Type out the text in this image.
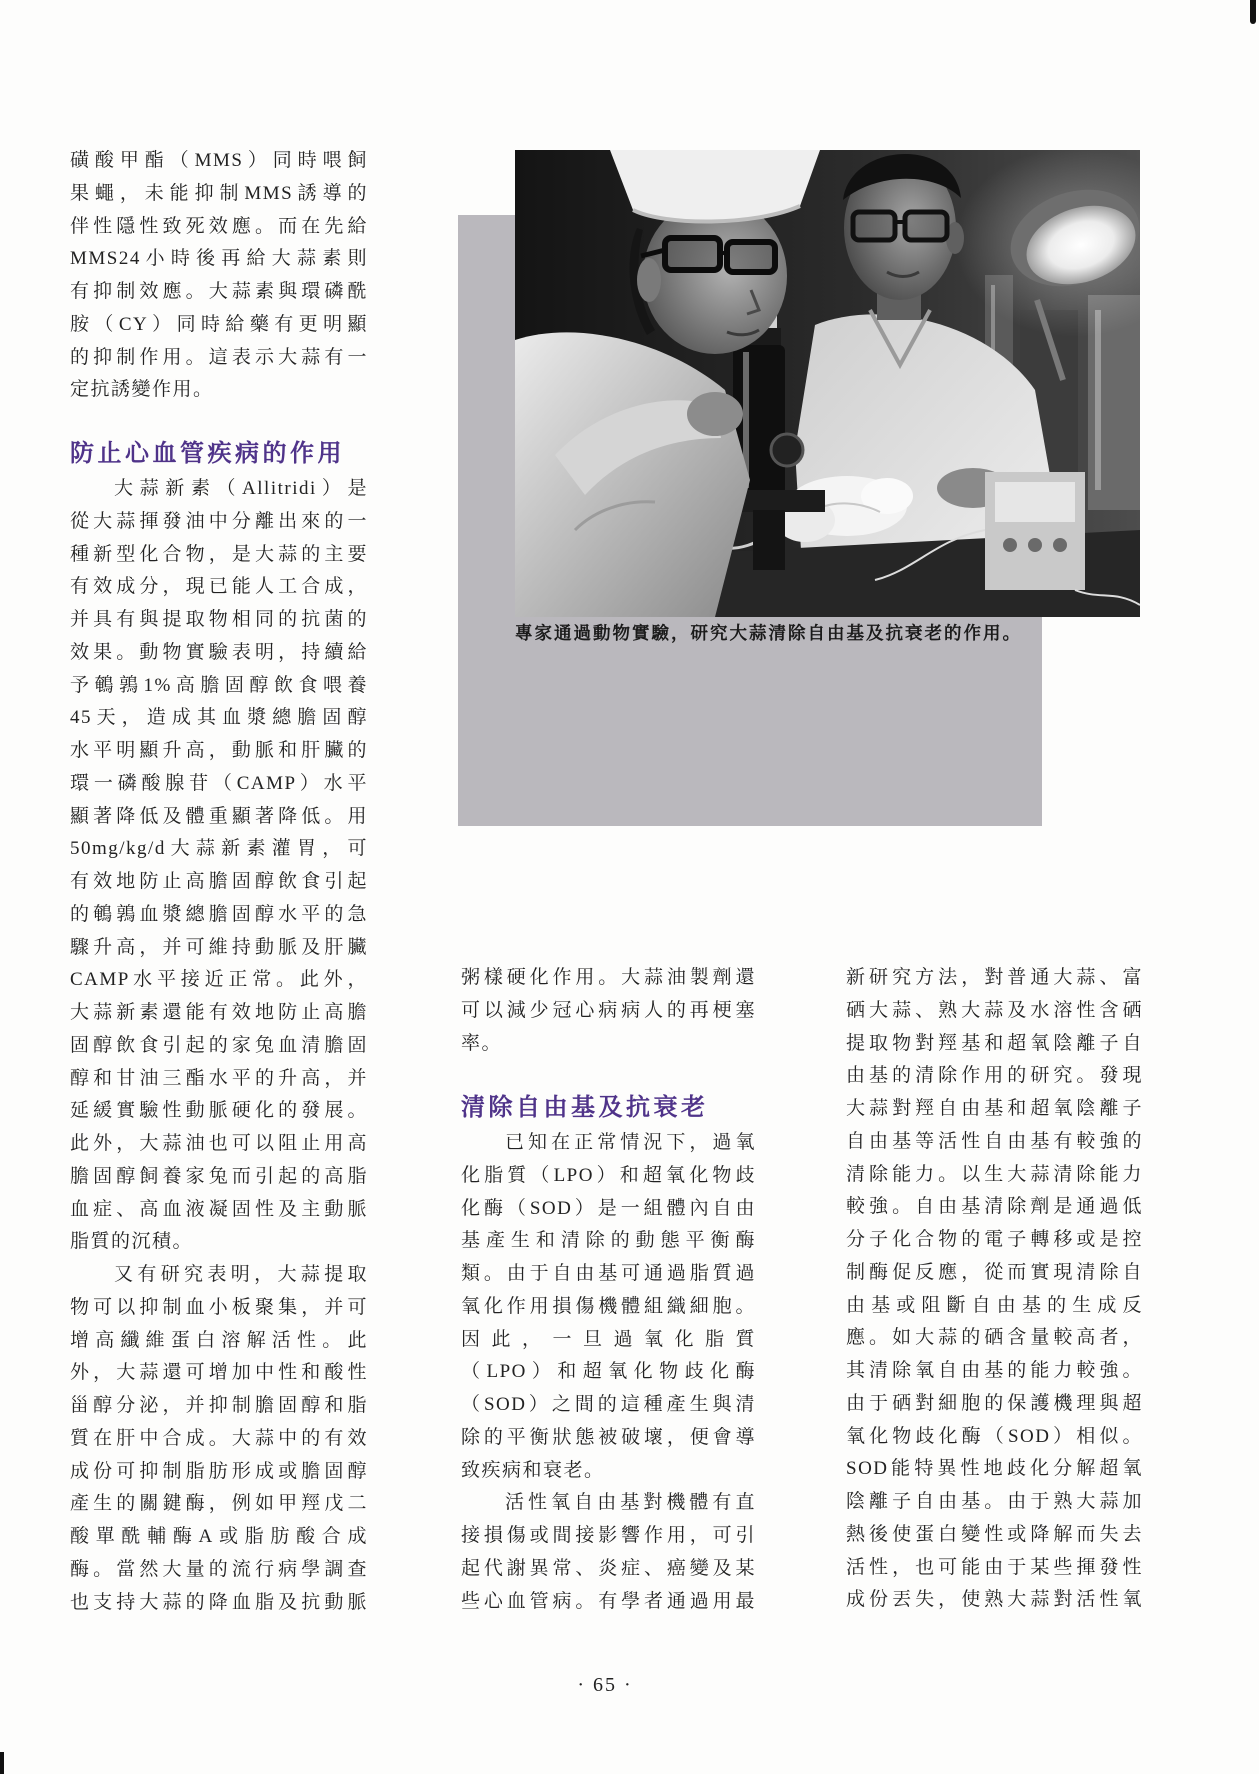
磺酸甲酯（MMS）同時喂飼
果蠅，未能抑制MMS誘導的
伴性隱性致死效應。而在先給
MMS24小時後再給大蒜素則
有抑制效應。大蒜素與環磷酰
胺（CY）同時給藥有更明顯
的抑制作用。這表示大蒜有一
定抗誘變作用。
防止心血管疾病的作用
大蒜新素（Allitridi）是
從大蒜揮發油中分離出來的一
種新型化合物，是大蒜的主要
有效成分，現已能人工合成，
并具有與提取物相同的抗菌的
效果。動物實驗表明，持續給
予鵪鶉1%高膽固醇飲食喂養
45天，造成其血漿總膽固醇
水平明顯升高，動脈和肝臟的
環一磷酸腺苷（CAMP）水平
顯著降低及體重顯著降低。用
50mg/kg/d大蒜新素灌胃，可
有效地防止高膽固醇飲食引起
的鵪鶉血漿總膽固醇水平的急
驟升高，并可維持動脈及肝臟
CAMP水平接近正常。此外，
大蒜新素還能有效地防止高膽
固醇飲食引起的家兔血清膽固
醇和甘油三酯水平的升高，并
延緩實驗性動脈硬化的發展。
此外，大蒜油也可以阻止用高
膽固醇飼養家兔而引起的高脂
血症、高血液凝固性及主動脈
脂質的沉積。
又有研究表明，大蒜提取
物可以抑制血小板聚集，并可
增高纖維蛋白溶解活性。此
外，大蒜還可增加中性和酸性
甾醇分泌，并抑制膽固醇和脂
質在肝中合成。大蒜中的有效
成份可抑制脂肪形成或膽固醇
產生的關鍵酶，例如甲羥戊二
酸單酰輔酶A或脂肪酸合成
酶。當然大量的流行病學調查
也支持大蒜的降血脂及抗動脈
專家通過動物實驗，研究大蒜清除自由基及抗衰老的作用。
粥樣硬化作用。大蒜油製劑還
可以減少冠心病病人的再梗塞
率。
清除自由基及抗衰老
已知在正常情況下，過氧
化脂質（LPO）和超氧化物歧
化酶（SOD）是一組體內自由
基產生和清除的動態平衡酶
類。由于自由基可通過脂質過
氧化作用損傷機體組織細胞。
因此，一旦過氧化脂質
（LPO）和超氧化物歧化酶
（SOD）之間的這種產生與清
除的平衡狀態被破壞，便會導
致疾病和衰老。
活性氧自由基對機體有直
接損傷或間接影響作用，可引
起代謝異常、炎症、癌變及某
些心血管病。有學者通過用最
新研究方法，對普通大蒜、富
硒大蒜、熟大蒜及水溶性含硒
提取物對羥基和超氧陰離子自
由基的清除作用的研究。發現
大蒜對羥自由基和超氧陰離子
自由基等活性自由基有較強的
清除能力。以生大蒜清除能力
較強。自由基清除劑是通過低
分子化合物的電子轉移或是控
制酶促反應，從而實現清除自
由基或阻斷自由基的生成反
應。如大蒜的硒含量較高者，
其清除氧自由基的能力較強。
由于硒對細胞的保護機理與超
氧化物歧化酶（SOD）相似。
SOD能特異性地歧化分解超氧
陰離子自由基。由于熟大蒜加
熱後使蛋白變性或降解而失去
活性，也可能由于某些揮發性
成份丟失，使熟大蒜對活性氧
· 65 ·
